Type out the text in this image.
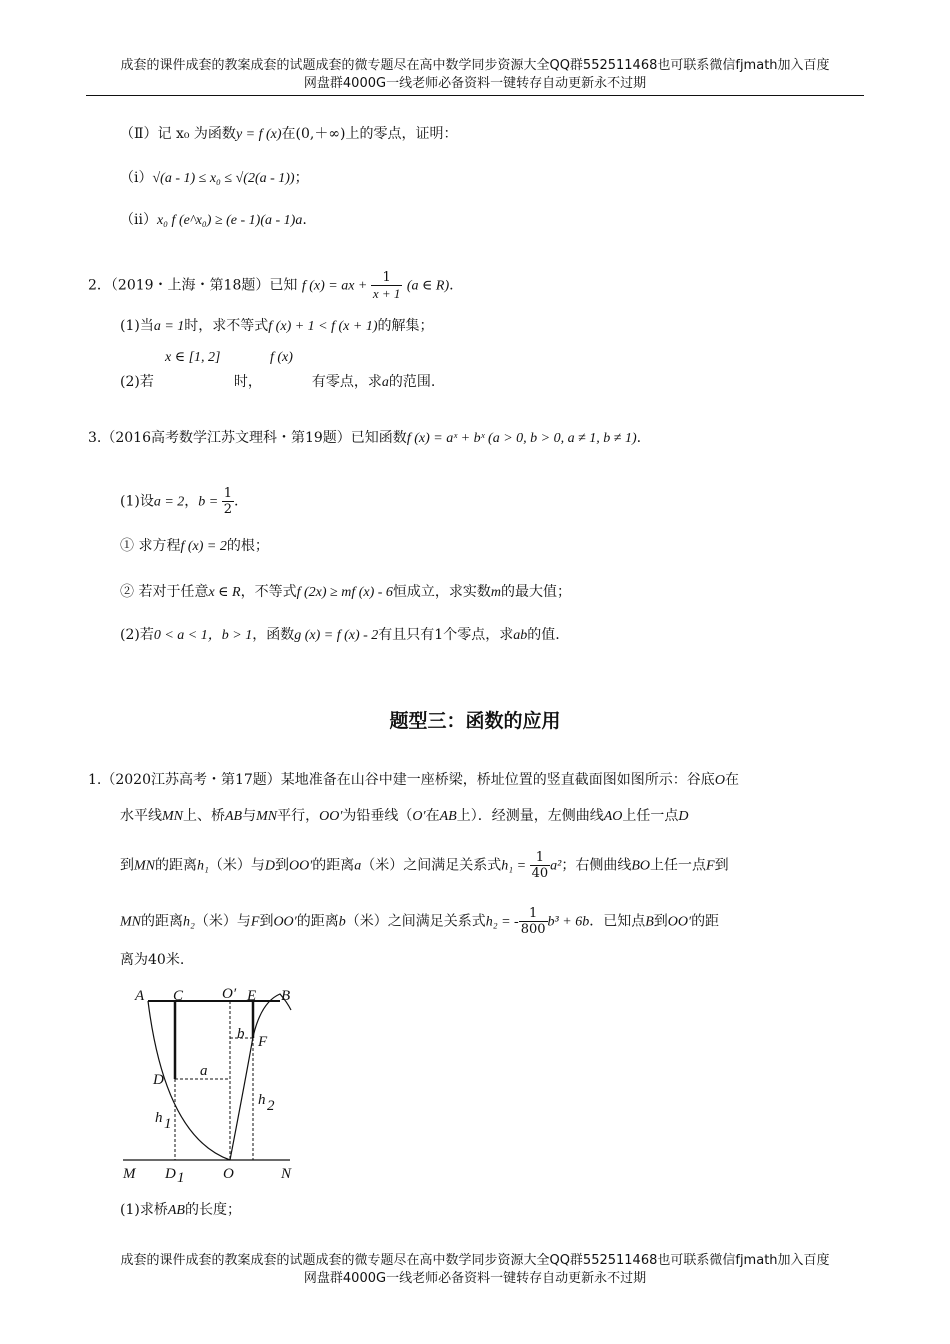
成套的课件成套的教案成套的试题成套的微专题尽在高中数学同步资源大全QQ群552511468也可联系微信fjmath加入百度
网盘群4000G一线老师必备资料一键转存自动更新永不过期
（Ⅱ）记 x₀ 为函数y = f (x)在(0,＋∞)上的零点，证明：
（ⅰ）√(a - 1) ≤ x₀ ≤ √(2(a - 1))；
（ⅱ）x₀ f (e^x₀) ≥ (e - 1)(a - 1)a.
2．（2019・上海・第18题）已知 f (x) = ax + $\frac{1}{x + 1} (a$ ∈ R).
(1)当a = 1时，求不等式f (x) + 1 < f (x + 1)的解集；
x ∈ [1, 2]	f (x)
(2)若	时，	有零点，求a的范围.
3.（2016高考数学江苏文理科・第19题）已知函数f (x) = aˣ + bˣ (a > 0, b > 0, a ≠ 1, b ≠ 1).
(1)设a = 2，$b = \frac{1}{2}$ .
① 求方程f (x) = 2的根；
② 若对于任意x ∈ R，不等式f (2x) ≥ mf (x) - 6恒成立，求实数m的最大值；
(2)若0 < a < 1，b > 1，函数g (x) = f (x) - 2有且只有1个零点，求ab的值.
题型三：函数的应用
1.（2020江苏高考・第17题）某地准备在山谷中建一座桥梁，桥址位置的竖直截面图如图所示：谷底O在
水平线MN上、桥AB与MN平行，OO′为铅垂线（O′在AB上）．经测量，左侧曲线AO上任一点D
到MN的距离h₁（米）与D到OO′的距离a（米）之间满足关系式$h_1 = \frac{1}{40} a^2$；右侧曲线BO上任一点F到
MN的距离h₂（米）与F到OO′的距离b（米）之间满足关系式h₂ = - $\frac{1}{800} b^3 + 6b$．已知点B到OO′的距
离为40米.
A C	O′ E B
b F
D
a
h 1
h 2
M D 1	O	N
(1)求桥AB的长度；
成套的课件成套的教案成套的试题成套的微专题尽在高中数学同步资源大全QQ群552511468也可联系微信fjmath加入百度
网盘群4000G一线老师必备资料一键转存自动更新永不过期
